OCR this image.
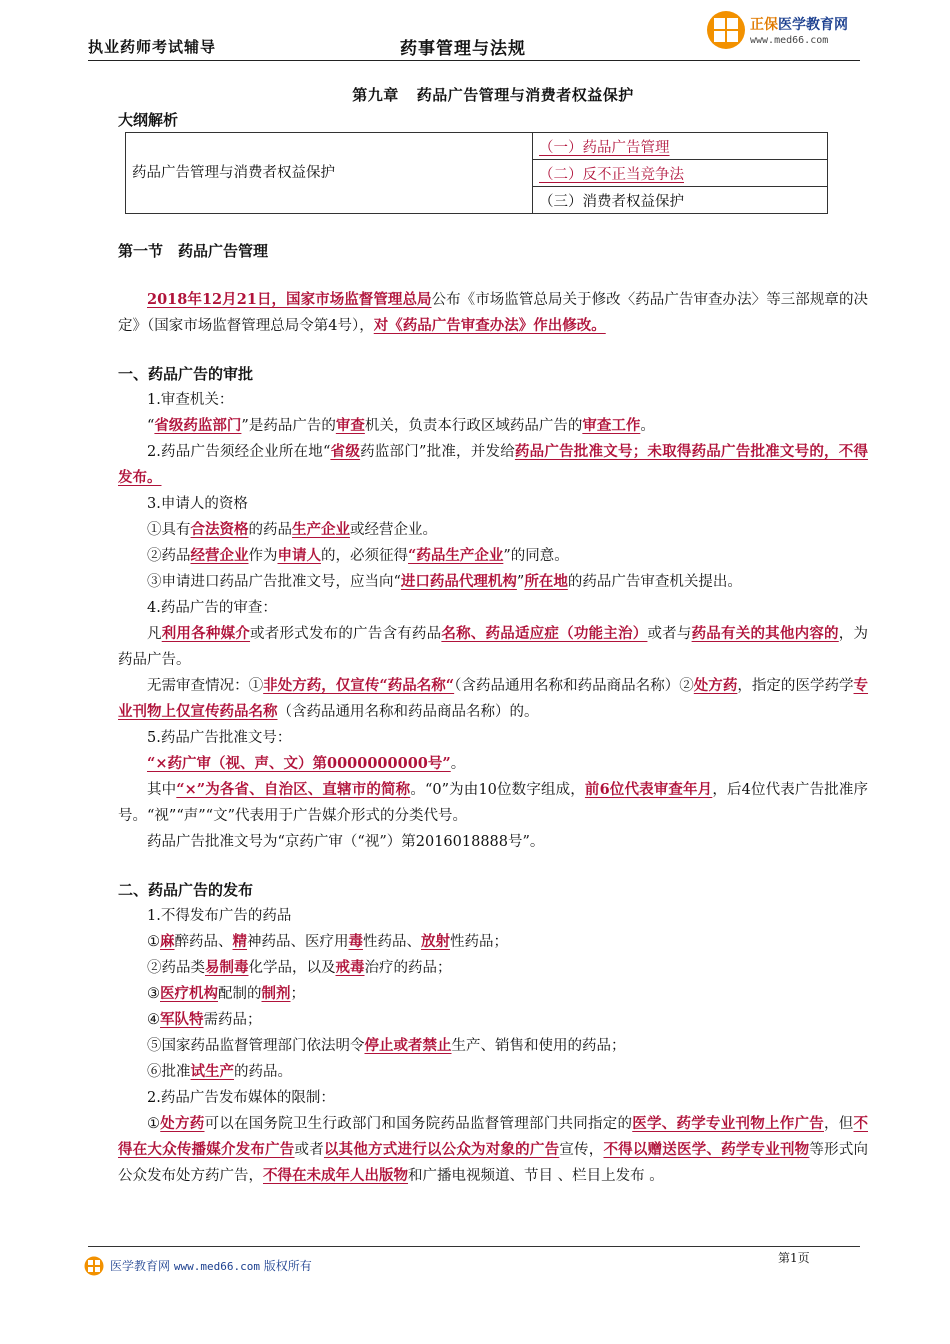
执业药师考试辅导	药事管理与法规
正保医学教育网
www.med66.com
第九章 药品广告管理与消费者权益保护
大纲解析
药品广告管理与消费者权益保护	（一）药品广告管理
（二）反不正当竞争法
（三）消费者权益保护
第一节　药品广告管理

2018年12月21日，国家市场监督管理总局公布《市场监管总局关于修改〈药品广告审查办法〉等三部规章的决定》（国家市场监督管理总局令第4号），对《药品广告审查办法》作出修改。

一、药品广告的审批

1.审查机关：

“省级药监部门”是药品广告的审查机关，负责本行政区域药品广告的审查工作。

2.药品广告须经企业所在地“省级药监部门”批准，并发给药品广告批准文号；未取得药品广告批准文号的，不得发布。

3.申请人的资格

①具有合法资格的药品生产企业或经营企业。

②药品经营企业作为申请人的，必须征得“药品生产企业”的同意。

③申请进口药品广告批准文号，应当向“进口药品代理机构”所在地的药品广告审查机关提出。

4.药品广告的审查：

凡利用各种媒介或者形式发布的广告含有药品名称、药品适应症（功能主治）或者与药品有关的其他内容的，为药品广告。

无需审查情况：①非处方药，仅宣传“药品名称“（含药品通用名称和药品商品名称）②处方药，指定的医学药学专业刊物上仅宣传药品名称（含药品通用名称和药品商品名称）的。

5.药品广告批准文号：

“×药广审（视、声、文）第0000000000号”。

其中“×”为各省、自治区、直辖市的简称。“0”为由10位数字组成，前6位代表审查年月，后4位代表广告批准序号。“视”“声”“文”代表用于广告媒介形式的分类代号。

药品广告批准文号为“京药广审（“视”）第2016018888号”。

二、药品广告的发布

1.不得发布广告的药品

①麻醉药品、精神药品、医疗用毒性药品、放射性药品；

②药品类易制毒化学品，以及戒毒治疗的药品；

③医疗机构配制的制剂；

④军队特需药品；

⑤国家药品监督管理部门依法明令停止或者禁止生产、销售和使用的药品；

⑥批准试生产的药品。

2.药品广告发布媒体的限制：

①处方药可以在国务院卫生行政部门和国务院药品监督管理部门共同指定的医学、药学专业刊物上作广告，但不得在大众传播媒介发布广告或者以其他方式进行以公众为对象的广告宣传，不得以赠送医学、药学专业刊物等形式向公众发布处方药广告，不得在未成年人出版物和广播电视频道、节目 、栏目上发布 。

第1页
医学教育网 www.med66.com 版权所有
